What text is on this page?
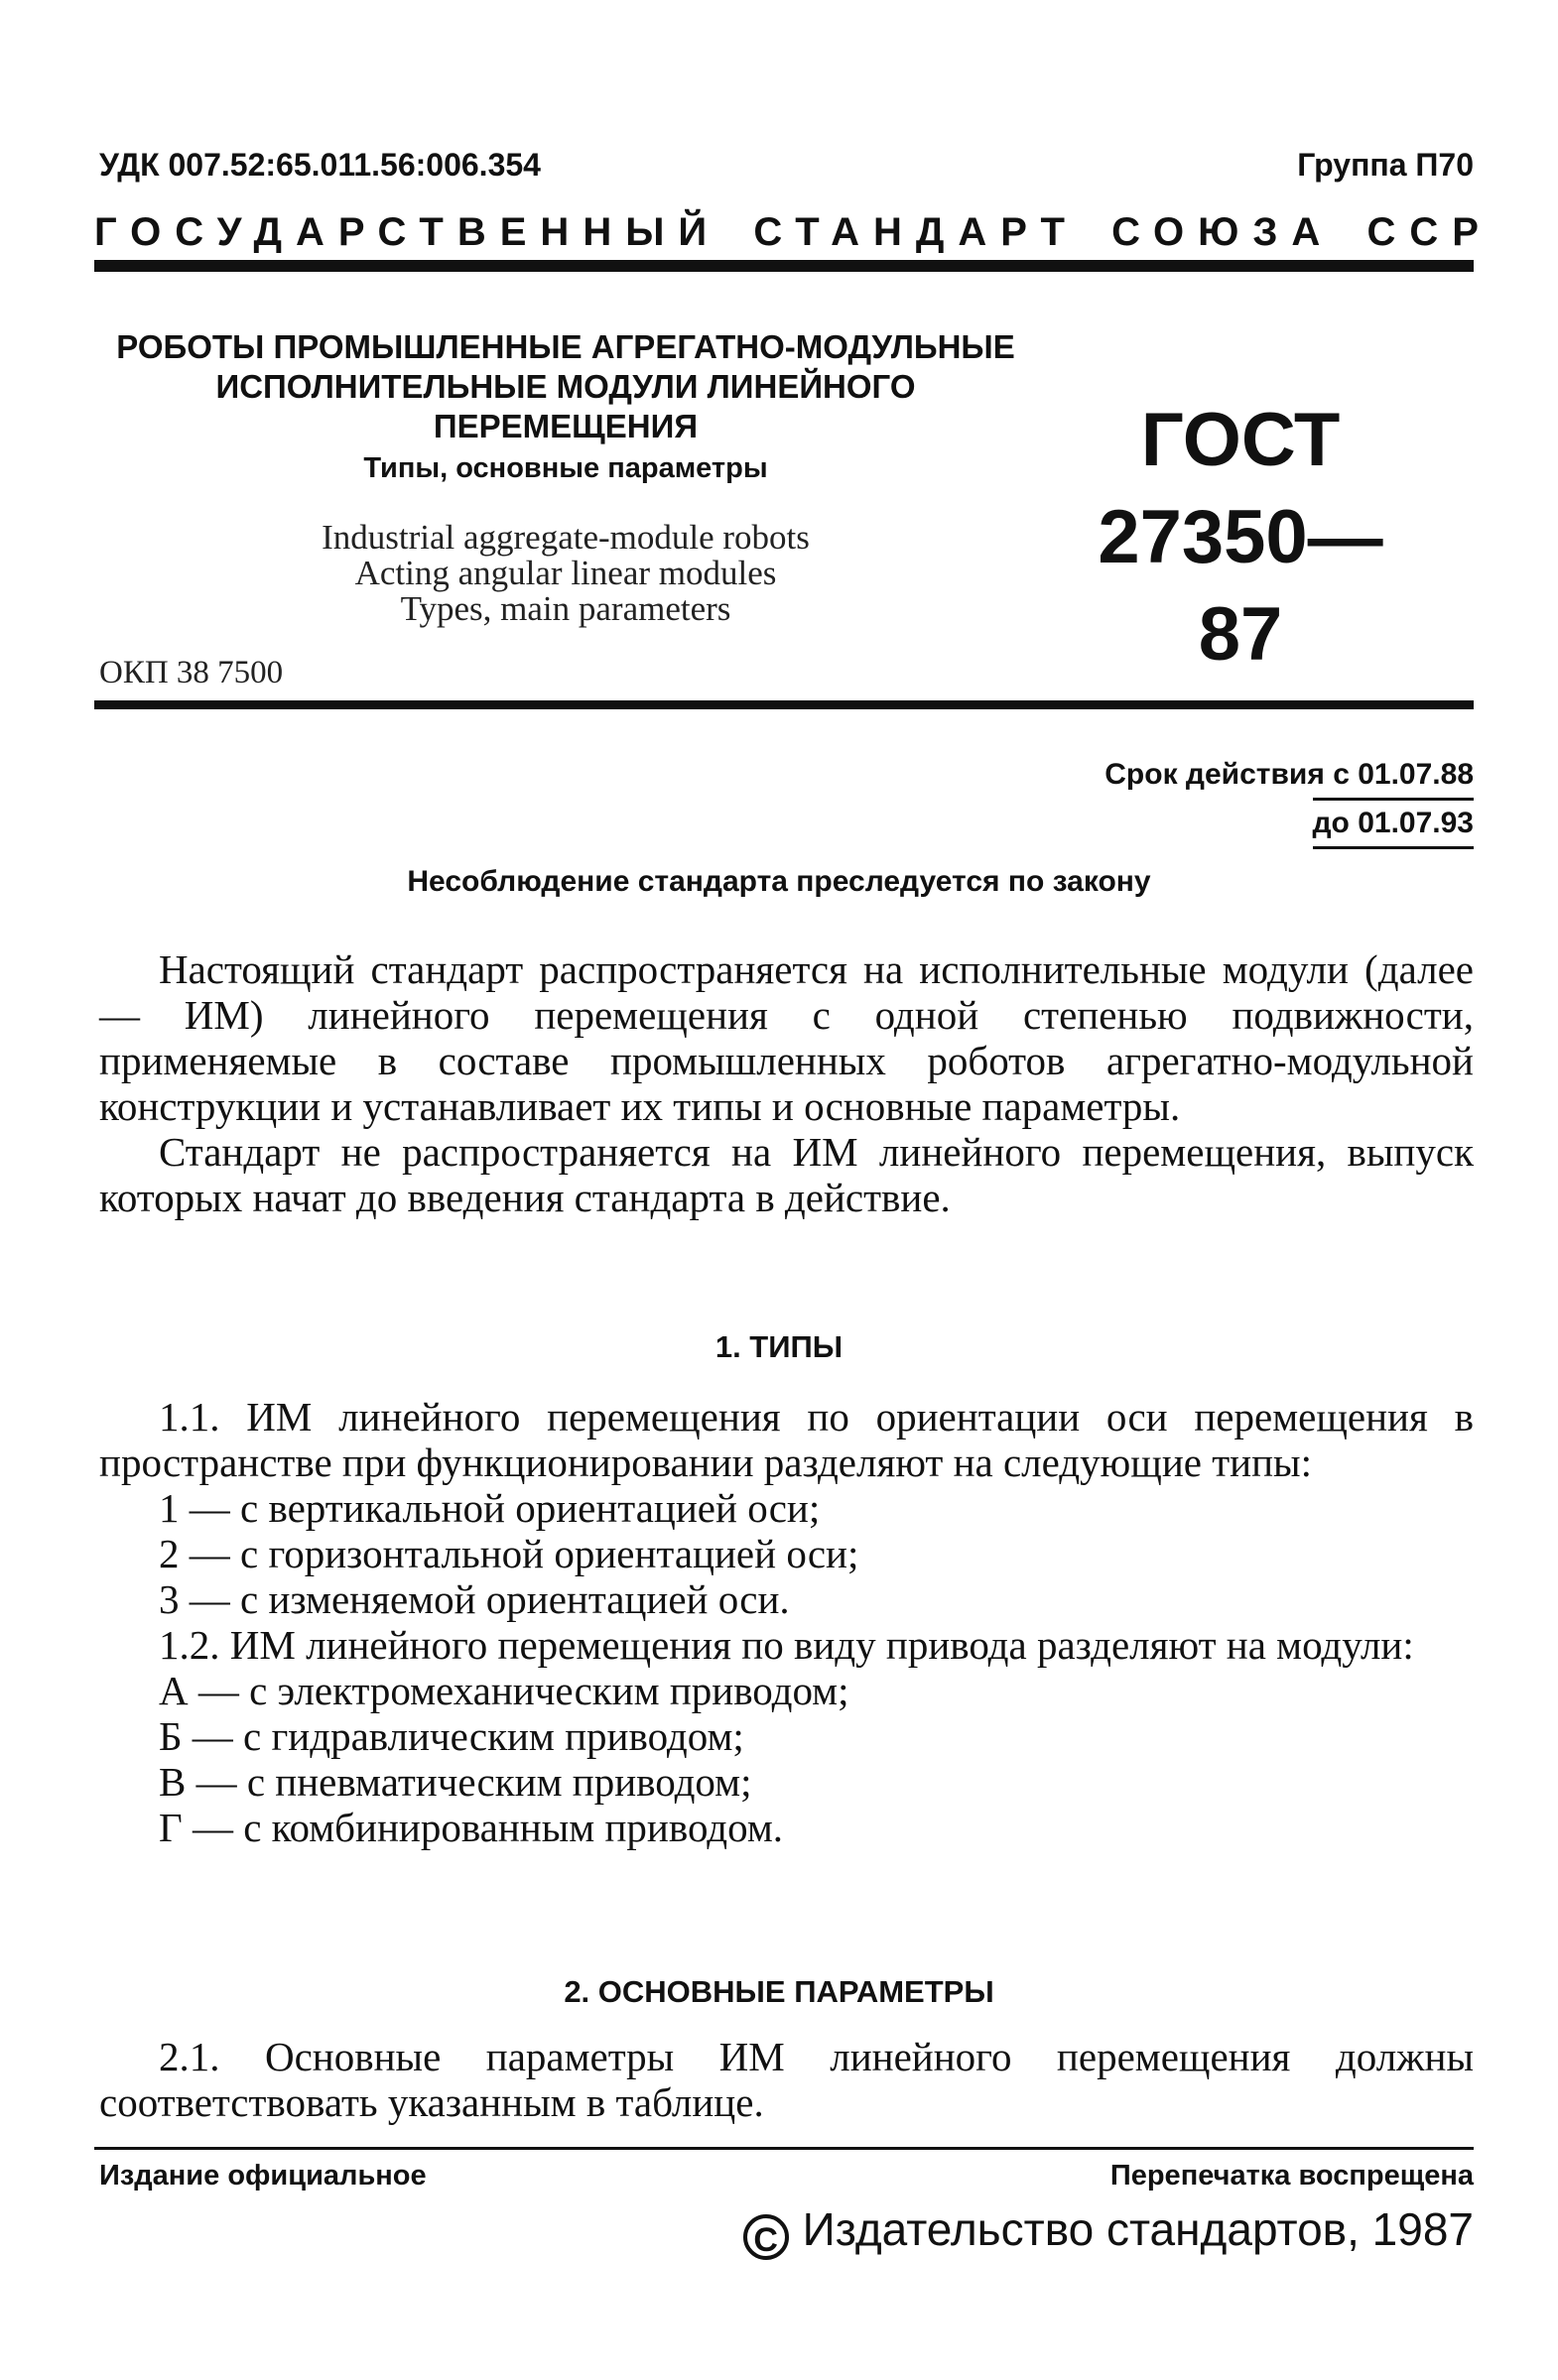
УДК 007.52:65.011.56:006.354	Группа П70
ГОСУДАРСТВЕННЫЙ СТАНДАРТ СОЮЗА ССР
РОБОТЫ ПРОМЫШЛЕННЫЕ АГРЕГАТНО-МОДУЛЬНЫЕ
ИСПОЛНИТЕЛЬНЫЕ МОДУЛИ ЛИНЕЙНОГО
ПЕРЕМЕЩЕНИЯ
Типы, основные параметры
Industrial aggregate-module robots
Acting angular linear modules
Types, main parameters
ГОСТ
27350—87
ОКП 38 7500
Срок действия с 01.07.88
до 01.07.93
Несоблюдение стандарта преследуется по закону

Настоящий стандарт распространяется на исполнительные модули (далее — ИМ) линейного перемещения с одной степенью подвижности, применяемые в составе промышленных роботов агрегатно-модульной конструкции и устанавливает их типы и основные параметры.

Стандарт не распространяется на ИМ линейного перемещения, выпуск которых начат до введения стандарта в действие.

1. ТИПЫ

1.1. ИМ линейного перемещения по ориентации оси перемещения в пространстве при функционировании разделяют на следующие типы:

1 — с вертикальной ориентацией оси;

2 — с горизонтальной ориентацией оси;

3 — с изменяемой ориентацией оси.

1.2. ИМ линейного перемещения по виду привода разделяют на модули:

А — с электромеханическим приводом;

Б — с гидравлическим приводом;

В — с пневматическим приводом;

Г — с комбинированным приводом.

2. ОСНОВНЫЕ ПАРАМЕТРЫ

2.1. Основные параметры ИМ линейного перемещения должны соответствовать указанным в таблице.

Издание официальное	Перепечатка воспрещена
C Издательство стандартов, 1987
